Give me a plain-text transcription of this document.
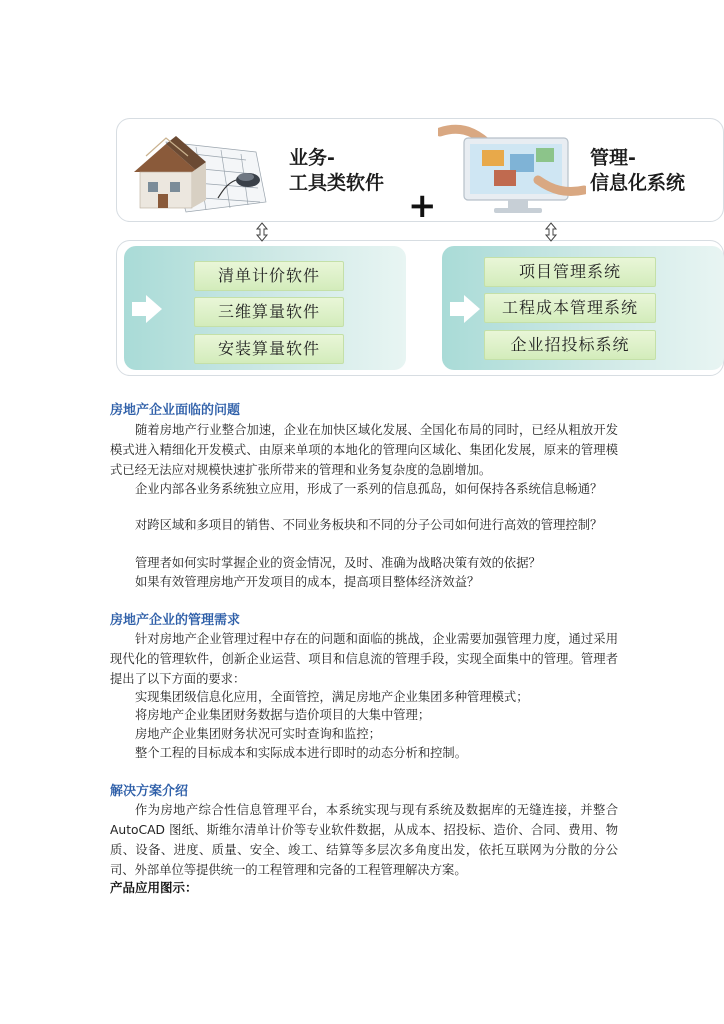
业务-
工具类软件
+
管理-
信息化系统
清单计价软件
三维算量软件
安装算量软件
项目管理系统
工程成本管理系统
企业招投标系统
房地产企业面临的问题
随着房地产行业整合加速，企业在加快区域化发展、全国化布局的同时，已经从粗放开发模式进入精细化开发模式、由原来单项的本地化的管理向区域化、集团化发展，原来的管理模式已经无法应对规模快速扩张所带来的管理和业务复杂度的急剧增加。
企业内部各业务系统独立应用，形成了一系列的信息孤岛，如何保持各系统信息畅通？
对跨区域和多项目的销售、不同业务板块和不同的分子公司如何进行高效的管理控制？
管理者如何实时掌握企业的资金情况，及时、准确为战略决策有效的依据？
如果有效管理房地产开发项目的成本，提高项目整体经济效益？
房地产企业的管理需求
针对房地产企业管理过程中存在的问题和面临的挑战，企业需要加强管理力度，通过采用现代化的管理软件，创新企业运营、项目和信息流的管理手段，实现全面集中的管理。管理者提出了以下方面的要求：
实现集团级信息化应用，全面管控，满足房地产企业集团多种管理模式；
将房地产企业集团财务数据与造价项目的大集中管理；
房地产企业集团财务状况可实时查询和监控；
整个工程的目标成本和实际成本进行即时的动态分析和控制。
解决方案介绍
作为房地产综合性信息管理平台，本系统实现与现有系统及数据库的无缝连接，并整合 AutoCAD 图纸、斯维尔清单计价等专业软件数据，从成本、招投标、造价、合同、费用、物质、设备、进度、质量、安全、竣工、结算等多层次多角度出发，依托互联网为分散的分公司、外部单位等提供统一的工程管理和完备的工程管理解决方案。
产品应用图示：
